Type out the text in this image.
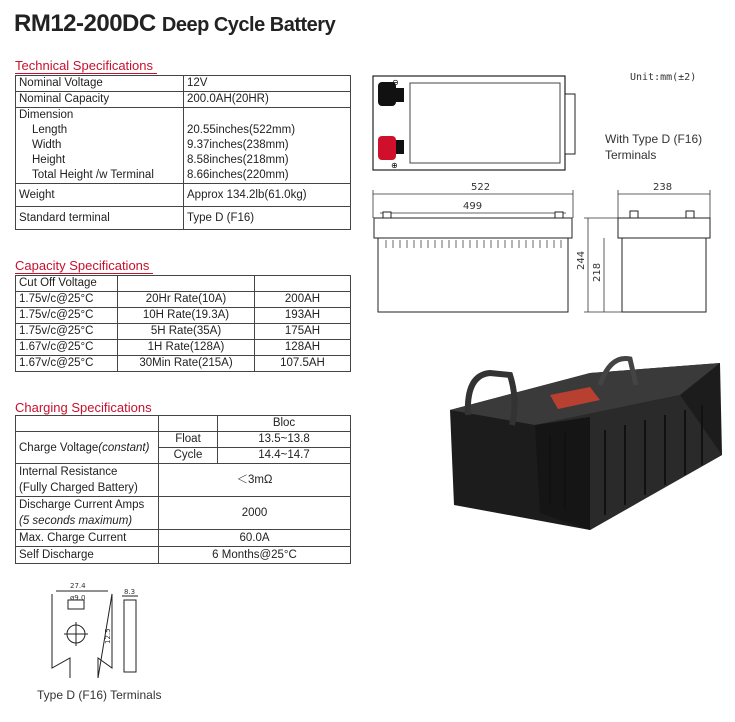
RM12-200DC Deep Cycle Battery
Technical Specifications
Nominal Voltage	12V
Nominal Capacity	200.0AH(20HR)
Dimension	
Length	20.55inches(522mm)
Width	9.37inches(238mm)
Height	8.58inches(218mm)
Total Height /w Terminal	8.66inches(220mm)
Weight	Approx 134.2lb(61.0kg)
Standard terminal	Type D (F16)
Capacity Specifications
Cut Off Voltage		
1.75v/c@25°C	20Hr Rate(10A)	200AH
1.75v/c@25°C	10H Rate(19.3A)	193AH
1.75v/c@25°C	5H Rate(35A)	175AH
1.67v/c@25°C	1H Rate(128A)	128AH
1.67v/c@25°C	30Min Rate(215A)	107.5AH
Charging Specifications
		Bloc
Charge Voltage(constant)	Float	13.5~13.8
	Cycle	14.4~14.7
Internal Resistance
(Fully Charged Battery)	＜3mΩ	
Discharge Current Amps
(5 seconds maximum)	2000	
Max. Charge Current	60.0A	
Self Discharge	6 Months@25°C	
Unit:mm(±2)
⊖
⊕
With Type D (F16)
Terminals
522
499
238
244
218
27.4
ø9.0
8.3
12.5
Type D (F16) Terminals
